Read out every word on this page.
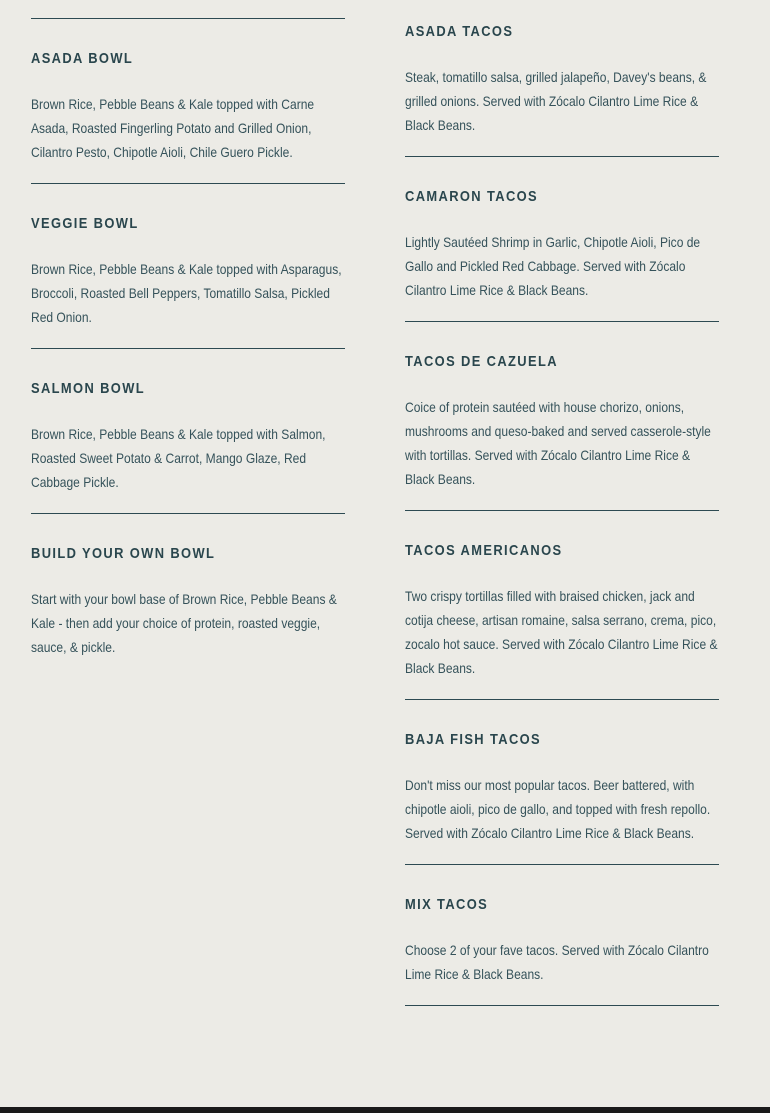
ASADA BOWL

Brown Rice, Pebble Beans & Kale topped with Carne Asada, Roasted Fingerling Potato and Grilled Onion, Cilantro Pesto, Chipotle Aioli, Chile Guero Pickle.

VEGGIE BOWL

Brown Rice, Pebble Beans & Kale topped with Asparagus, Broccoli, Roasted Bell Peppers, Tomatillo Salsa, Pickled Red Onion.

SALMON BOWL

Brown Rice, Pebble Beans & Kale topped with Salmon, Roasted Sweet Potato & Carrot, Mango Glaze, Red Cabbage Pickle.

BUILD YOUR OWN BOWL

Start with your bowl base of Brown Rice, Pebble Beans & Kale - then add your choice of protein, roasted veggie, sauce, & pickle.

ASADA TACOS

Steak, tomatillo salsa, grilled jalapeño, Davey's beans, & grilled onions. Served with Zócalo Cilantro Lime Rice & Black Beans.

CAMARON TACOS

Lightly Sautéed Shrimp in Garlic, Chipotle Aioli, Pico de Gallo and Pickled Red Cabbage. Served with Zócalo Cilantro Lime Rice & Black Beans.

TACOS DE CAZUELA

Coice of protein sautéed with house chorizo, onions, mushrooms and queso-baked and served casserole-style with tortillas. Served with Zócalo Cilantro Lime Rice & Black Beans.

TACOS AMERICANOS

Two crispy tortillas filled with braised chicken, jack and cotija cheese, artisan romaine, salsa serrano, crema, pico, zocalo hot sauce. Served with Zócalo Cilantro Lime Rice & Black Beans.

BAJA FISH TACOS

Don't miss our most popular tacos. Beer battered, with chipotle aioli, pico de gallo, and topped with fresh repollo. Served with Zócalo Cilantro Lime Rice & Black Beans.

MIX TACOS

Choose 2 of your fave tacos. Served with Zócalo Cilantro Lime Rice & Black Beans.
